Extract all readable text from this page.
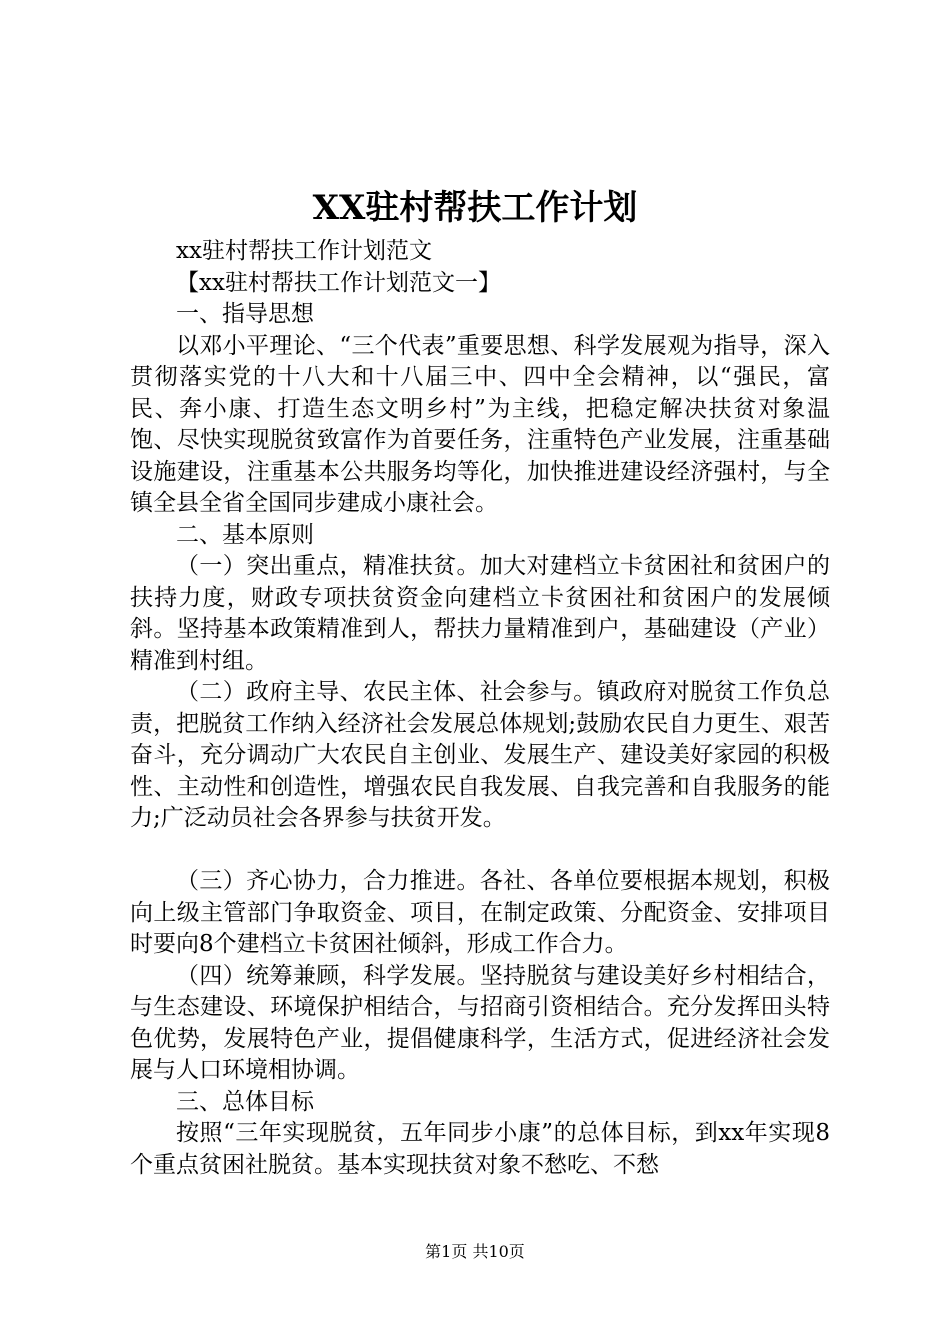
XX驻村帮扶工作计划

xx驻村帮扶工作计划范文

【xx驻村帮扶工作计划范文一】

一、指导思想

以邓小平理论、“三个代表”重要思想、科学发展观为指导，深入贯彻落实党的十八大和十八届三中、四中全会精神，以“强民，富民、奔小康、打造生态文明乡村”为主线，把稳定解决扶贫对象温饱、尽快实现脱贫致富作为首要任务，注重特色产业发展，注重基础设施建设，注重基本公共服务均等化，加快推进建设经济强村，与全镇全县全省全国同步建成小康社会。

二、基本原则

（一）突出重点，精准扶贫。加大对建档立卡贫困社和贫困户的扶持力度，财政专项扶贫资金向建档立卡贫困社和贫困户的发展倾斜。坚持基本政策精准到人，帮扶力量精准到户，基础建设（产业）精准到村组。

（二）政府主导、农民主体、社会参与。镇政府对脱贫工作负总责，把脱贫工作纳入经济社会发展总体规划;鼓励农民自力更生、艰苦奋斗，充分调动广大农民自主创业、发展生产、建设美好家园的积极性、主动性和创造性，增强农民自我发展、自我完善和自我服务的能力;广泛动员社会各界参与扶贫开发。

（三）齐心协力，合力推进。各社、各单位要根据本规划，积极向上级主管部门争取资金、项目，在制定政策、分配资金、安排项目时要向8个建档立卡贫困社倾斜，形成工作合力。

（四）统筹兼顾，科学发展。坚持脱贫与建设美好乡村相结合，与生态建设、环境保护相结合，与招商引资相结合。充分发挥田头特色优势，发展特色产业，提倡健康科学，生活方式，促进经济社会发展与人口环境相协调。

三、总体目标

按照“三年实现脱贫，五年同步小康”的总体目标，到xx年实现8个重点贫困社脱贫。基本实现扶贫对象不愁吃、不愁

第1页 共10页
